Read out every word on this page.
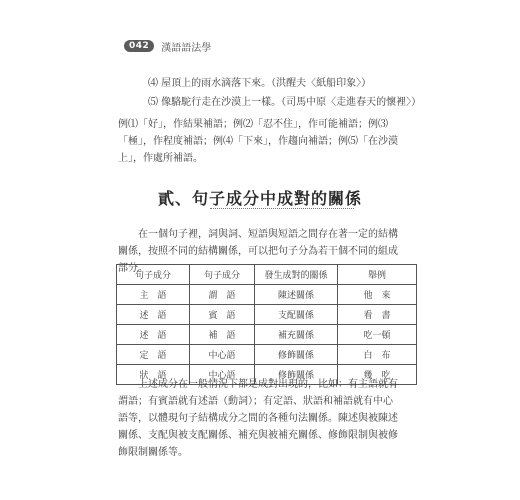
042	漢語語法學
⑷ 屋頂上的雨水滴落下來。（洪醒夫〈紙船印象〉）
⑸ 像駱駝行走在沙漠上一樣。（司馬中原〈走進春天的懷裡〉）
例⑴「好」，作結果補語；例⑵「忍不住」，作可能補語；例⑶「極」，作程度補語；例⑷「下來」，作趨向補語；例⑸「在沙漠上」，作處所補語。
貳、句子成分中成對的關係
在一個句子裡，詞與詞、短語與短語之間存在著一定的結構關係，按照不同的結構關係，可以把句子分為若干個不同的組成部分。
句子成分	句子成分	發生成對的關係	舉例
主　語	謂　語	陳述關係	他　來
述　語	賓　語	支配關係	看　書
述　語	補　語	補充關係	吃一頓
定　語	中心語	修飾關係	白　布
狀　語	中心語	修飾關係	幾　吃
上述成分在一般情況下都是成對出現的，比如：有主語就有謂語；有賓語就有述語（動詞）；有定語、狀語和補語就有中心語等，以體現句子結構成分之間的各種句法關係。陳述與被陳述關係、支配與被支配關係、補充與被補充關係、修飾限制與被修飾限制關係等。
